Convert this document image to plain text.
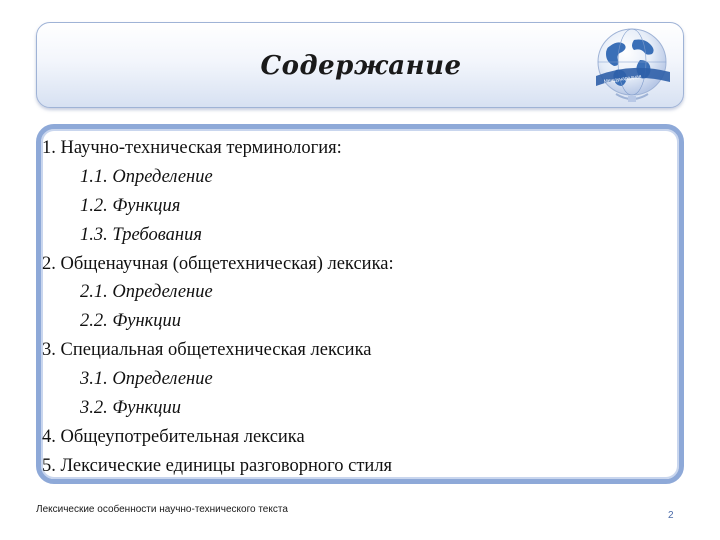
Содержание	Международная
1. Научно-техническая терминология:
1.1. Определение
1.2. Функция
1.3. Требования
2. Общенаучная (общетехническая) лексика:
2.1. Определение
2.2. Функции
3. Специальная общетехническая лексика
3.1. Определение
3.2. Функции
4. Общеупотребительная лексика
5. Лексические единицы разговорного стиля
Лексические особенности научно-технического текста
2
